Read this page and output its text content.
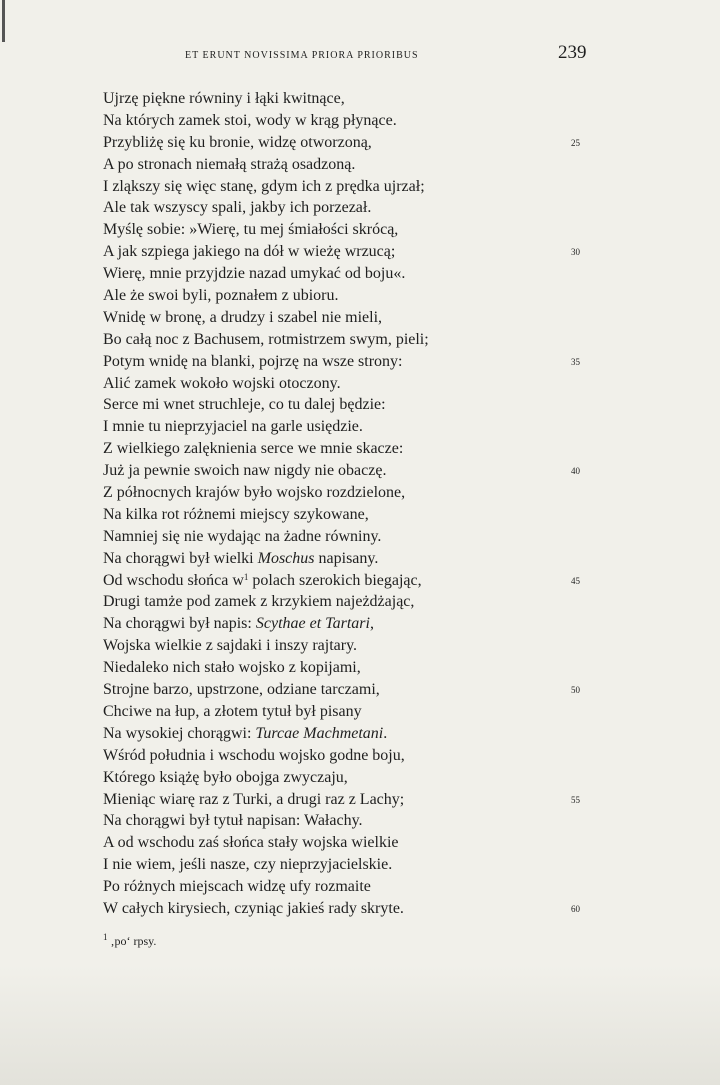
ET ERUNT NOVISSIMA PRIORA PRIORIBUS	239
Ujrzę piękne równiny i łąki kwitnące,
Na których zamek stoi, wody w krąg płynące.
Przybliżę się ku bronie, widzę otworzoną,	25
A po stronach niemałą strażą osadzoną.
I zląkszy się więc stanę, gdym ich z prędka ujrzał;
Ale tak wszyscy spali, jakby ich porzezał.
Myślę sobie: »Wierę, tu mej śmiałości skrócą,
A jak szpiega jakiego na dół w wieżę wrzucą;	30
Wierę, mnie przyjdzie nazad umykać od boju«.
Ale że swoi byli, poznałem z ubioru.
Wnidę w bronę, a drudzy i szabel nie mieli,
Bo całą noc z Bachusem, rotmistrzem swym, pieli;
Potym wnidę na blanki, pojrzę na wsze strony:	35
Alić zamek wokoło wojski otoczony.
Serce mi wnet struchleje, co tu dalej będzie:
I mnie tu nieprzyjaciel na garle usiędzie.
Z wielkiego zalęknienia serce we mnie skacze:
Już ja pewnie swoich naw nigdy nie obaczę.	40
Z północnych krajów było wojsko rozdzielone,
Na kilka rot różnemi miejscy szykowane,
Namniej się nie wydając na żadne równiny.
Na chorągwi był wielki Moschus napisany.
Od wschodu słońca $w^1$ polach szerokich biegając,	45
Drugi tamże pod zamek z krzykiem najeżdżając,
Na chorągwi był napis: Scythae et Tartari,
Wojska wielkie z sajdaki i inszy rajtary.
Niedaleko nich stało wojsko z kopijami,
Strojne barzo, upstrzone, odziane tarczami,	50
Chciwe na łup, a złotem tytuł był pisany
Na wysokiej chorągwi: Turcae Machmetani.
Wśród południa i wschodu wojsko godne boju,
Którego książę było obojga zwyczaju,
Mieniąc wiarę raz z Turki, a drugi raz z Lachy;	55
Na chorągwi był tytuł napisan: Wałachy.
A od wschodu zaś słońca stały wojska wielkie
I nie wiem, jeśli nasze, czy nieprzyjacielskie.
Po różnych miejscach widzę ufy rozmaite
W całych kirysiech, czyniąc jakieś rady skryte.	60
$^1$ ‚po‘ rpsy.
